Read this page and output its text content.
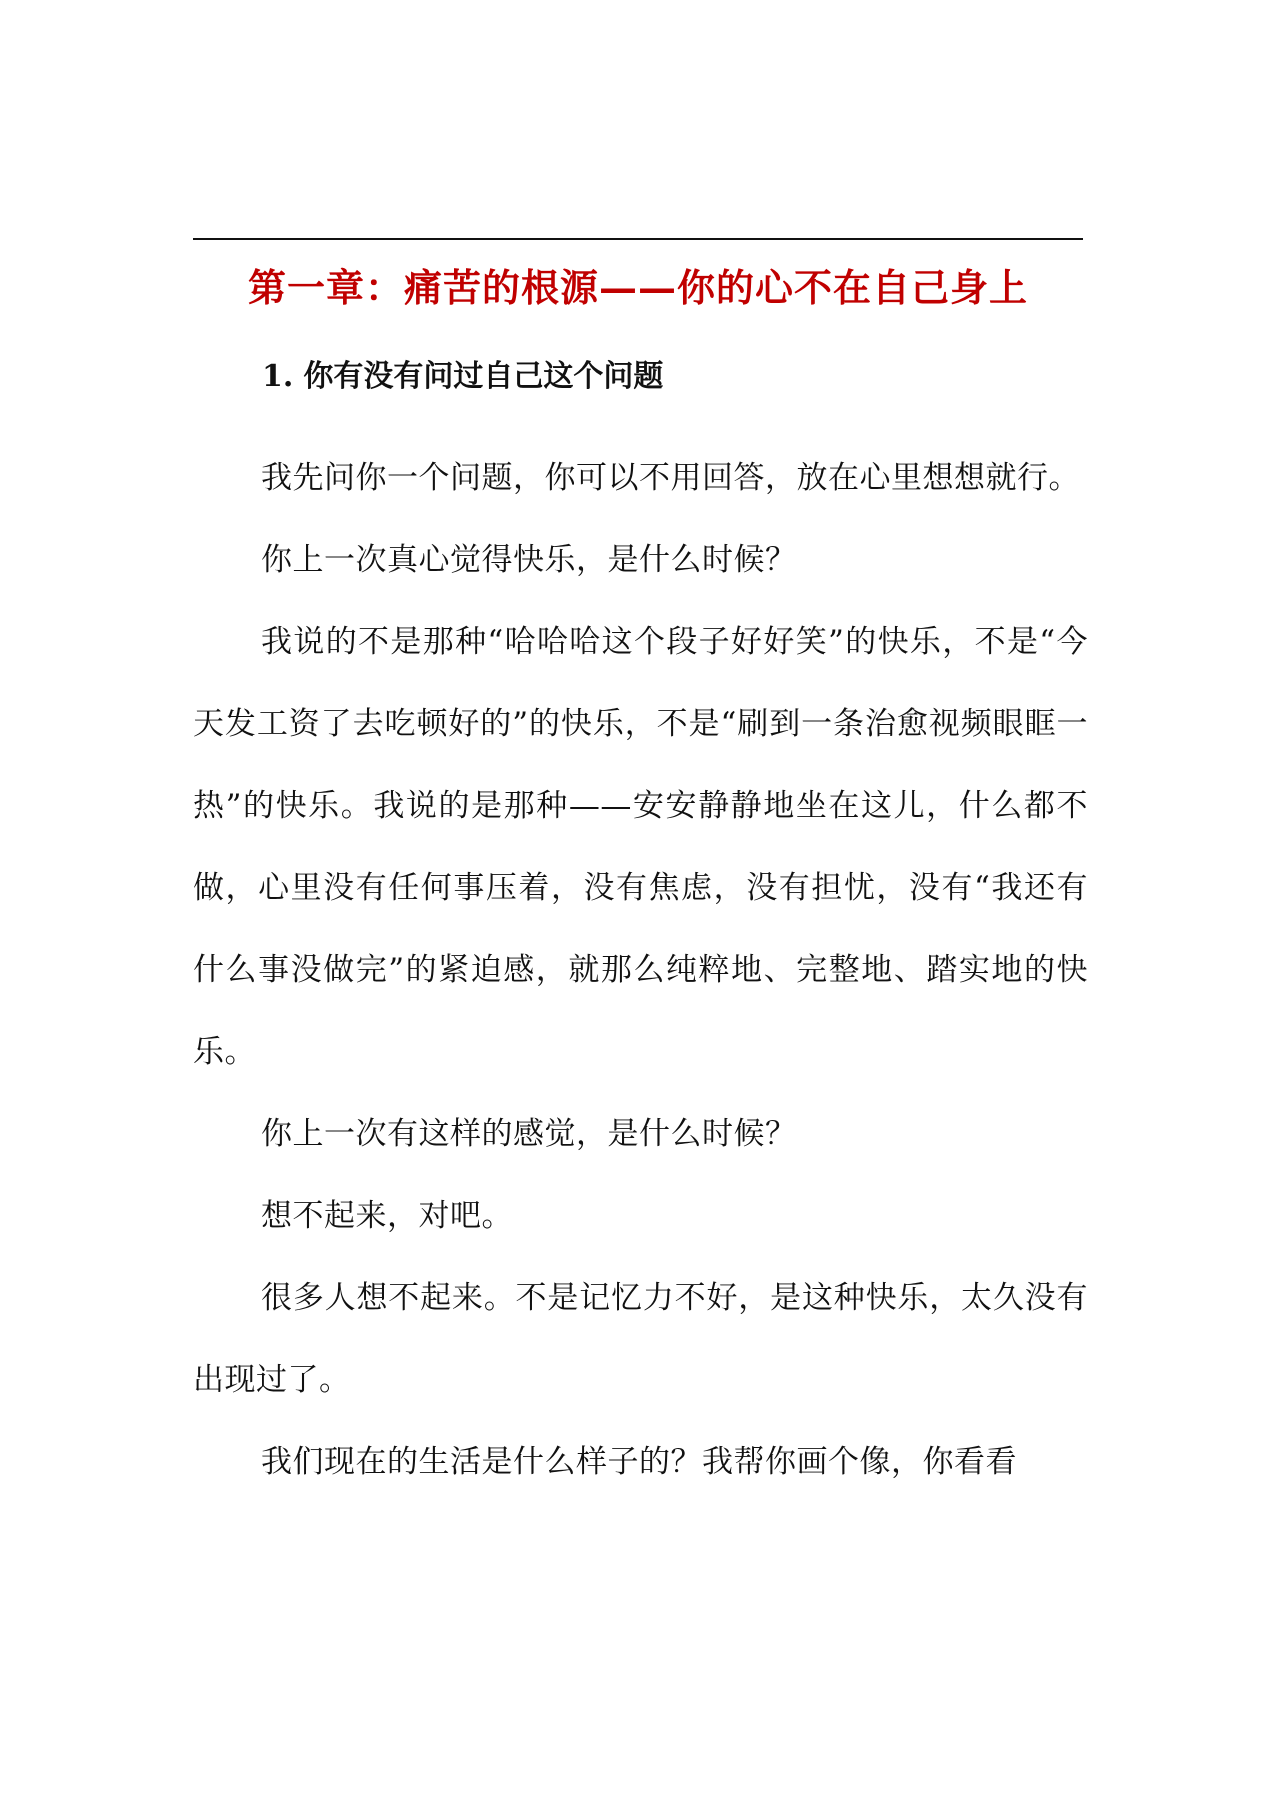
第一章：痛苦的根源——你的心不在自己身上
1. 你有没有问过自己这个问题

我先问你一个问题，你可以不用回答，放在心里想想就行。

你上一次真心觉得快乐，是什么时候？

我说的不是那种“哈哈哈这个段子好好笑”的快乐，不是“今天发工资了去吃顿好的”的快乐，不是“刷到一条治愈视频眼眶一热”的快乐。我说的是那种——安安静静地坐在这儿，什么都不做，心里没有任何事压着，没有焦虑，没有担忧，没有“我还有什么事没做完”的紧迫感，就那么纯粹地、完整地、踏实地的快乐。

你上一次有这样的感觉，是什么时候？

想不起来，对吧。

很多人想不起来。不是记忆力不好，是这种快乐，太久没有出现过了。

我们现在的生活是什么样子的？我帮你画个像，你看看
